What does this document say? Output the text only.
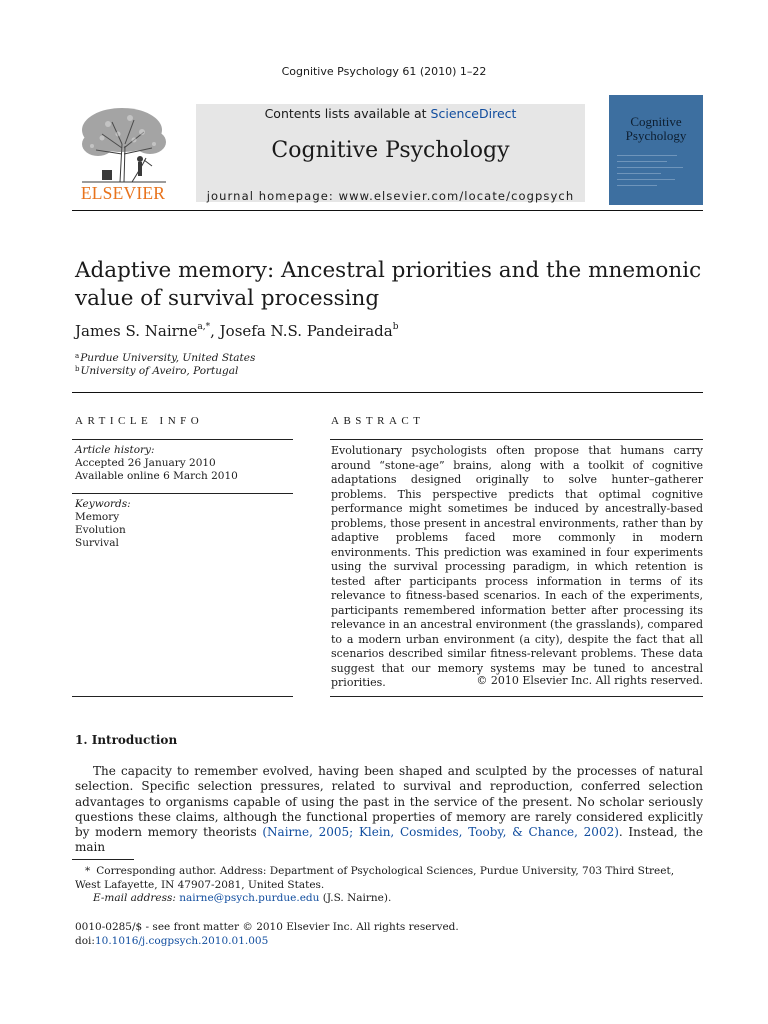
Cognitive Psychology 61 (2010) 1–22
ELSEVIER
Contents lists available at ScienceDirect
Cognitive Psychology
journal homepage: www.elsevier.com/locate/cogpsych
Cognitive
Psychology
Adaptive memory: Ancestral priorities and the mnemonic
value of survival processing
James S. Nairne$^{a,*}$, Josefa N.S. Pandeirada$^b$
$^a$Purdue University, United States
$^b$University of Aveiro, Portugal
ARTICLE INFO
Article history:
Accepted 26 January 2010
Available online 6 March 2010
Keywords:
Memory
Evolution
Survival
ABSTRACT
Evolutionary psychologists often propose that humans carry around “stone-age” brains, along with a toolkit of cognitive adaptations designed originally to solve hunter–gatherer problems. This perspective predicts that optimal cognitive performance might sometimes be induced by ancestrally-based problems, those present in ancestral environments, rather than by adaptive problems faced more commonly in modern environments. This prediction was examined in four experiments using the survival processing paradigm, in which retention is tested after participants process information in terms of its relevance to fitness-based scenarios. In each of the experiments, participants remembered information better after processing its relevance in an ancestral environment (the grasslands), compared to a modern urban environment (a city), despite the fact that all scenarios described similar fitness-relevant problems. These data suggest that our memory systems may be tuned to ancestral priorities.	© 2010 Elsevier Inc. All rights reserved.
1. Introduction
The capacity to remember evolved, having been shaped and sculpted by the processes of natural selection. Specific selection pressures, related to survival and reproduction, conferred selection advantages to organisms capable of using the past in the service of the present. No scholar seriously questions these claims, although the functional properties of memory are rarely considered explicitly by modern memory theorists (Nairne, 2005; Klein, Cosmides, Tooby, & Chance, 2002). Instead, the main
* Corresponding author. Address: Department of Psychological Sciences, Purdue University, 703 Third Street, West Lafayette, IN 47907-2081, United States.
E-mail address: nairne@psych.purdue.edu (J.S. Nairne).
0010-0285/$ - see front matter © 2010 Elsevier Inc. All rights reserved.
doi:10.1016/j.cogpsych.2010.01.005
